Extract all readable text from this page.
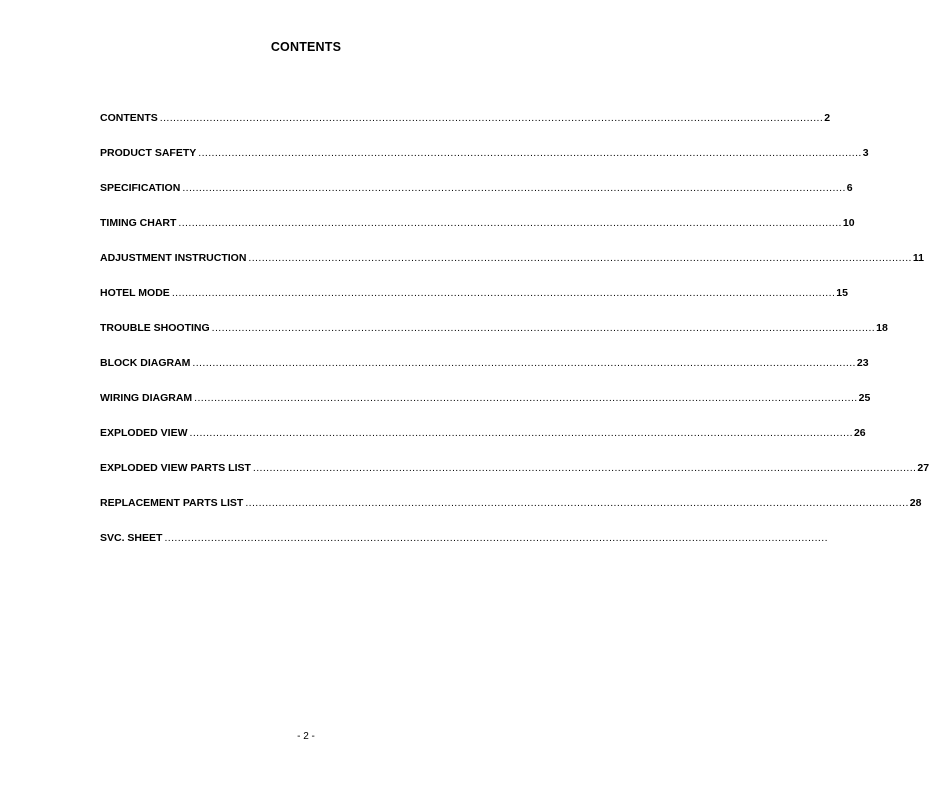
CONTENTS
CONTENTS ........................................................................................................................................................................................................ 2
PRODUCT SAFETY ........................................................................................................................................................................................................ 3
SPECIFICATION ........................................................................................................................................................................................................ 6
TIMING CHART ........................................................................................................................................................................................................ 10
ADJUSTMENT INSTRUCTION ........................................................................................................................................................................................................ 11
HOTEL MODE ........................................................................................................................................................................................................ 15
TROUBLE SHOOTING ........................................................................................................................................................................................................ 18
BLOCK DIAGRAM ........................................................................................................................................................................................................ 23
WIRING DIAGRAM ........................................................................................................................................................................................................ 25
EXPLODED VIEW ........................................................................................................................................................................................................ 26
EXPLODED VIEW PARTS LIST ........................................................................................................................................................................................................ 27
REPLACEMENT PARTS LIST ........................................................................................................................................................................................................ 28
SVC. SHEET ........................................................................................................................................................................................................
- 2 -
